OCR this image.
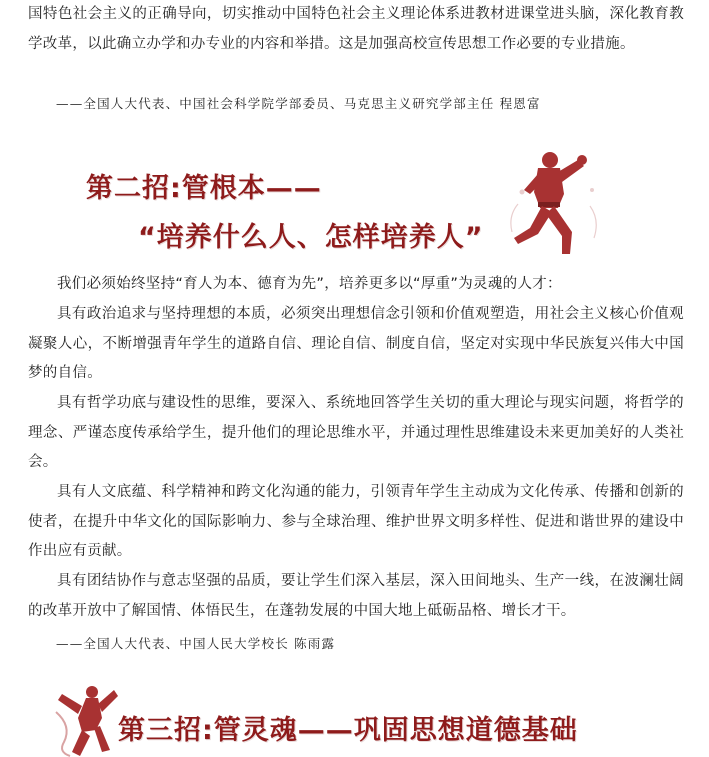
国特色社会主义的正确导向，切实推动中国特色社会主义理论体系进教材进课堂进头脑，深化教育教学改革，以此确立办学和办专业的内容和举措。这是加强高校宣传思想工作必要的专业措施。

——全国人大代表、中国社会科学院学部委员、马克思主义研究学部主任 程恩富
第二招:管根本——
“培养什么人、怎样培养人”

我们必须始终坚持“育人为本、德育为先”，培养更多以“厚重”为灵魂的人才：

具有政治追求与坚持理想的本质，必须突出理想信念引领和价值观塑造，用社会主义核心价值观凝聚人心，不断增强青年学生的道路自信、理论自信、制度自信，坚定对实现中华民族复兴伟大中国梦的自信。

具有哲学功底与建设性的思维，要深入、系统地回答学生关切的重大理论与现实问题，将哲学的理念、严谨态度传承给学生，提升他们的理论思维水平，并通过理性思维建设未来更加美好的人类社会。

具有人文底蕴、科学精神和跨文化沟通的能力，引领青年学生主动成为文化传承、传播和创新的使者，在提升中华文化的国际影响力、参与全球治理、维护世界文明多样性、促进和谐世界的建设中作出应有贡献。

具有团结协作与意志坚强的品质，要让学生们深入基层，深入田间地头、生产一线，在波澜壮阔的改革开放中了解国情、体悟民生，在蓬勃发展的中国大地上砥砺品格、增长才干。

——全国人大代表、中国人民大学校长 陈雨露
第三招:管灵魂——巩固思想道德基础
